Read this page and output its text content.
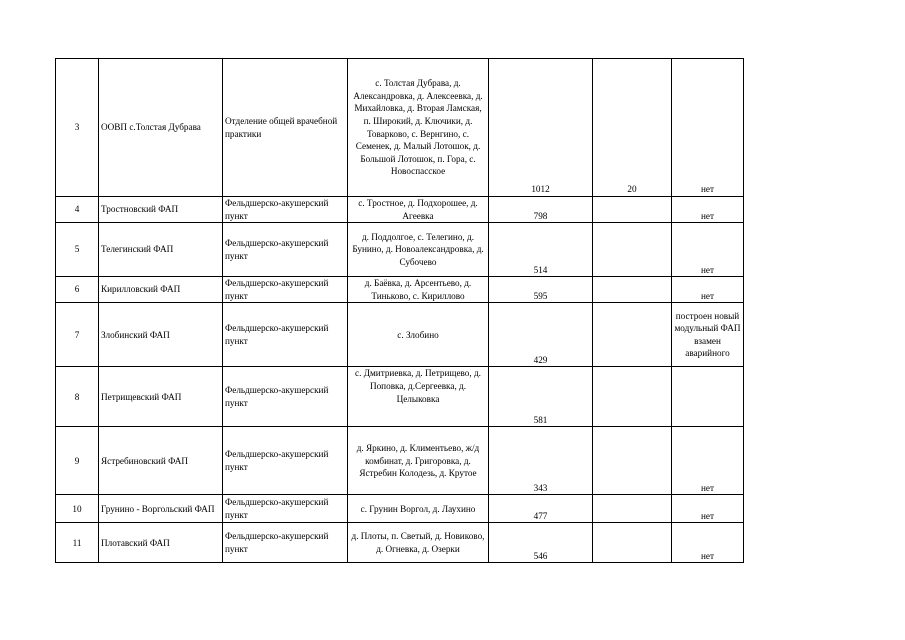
3	ООВП с.Толстая Дубрава	Отделение общей врачебной практики	с. Толстая Дубрава, д. Александровка, д. Алексеевка, д. Михайловка, д. Вторая Ламская, п. Широкий, д. Ключики, д. Товарково, с. Вернгино, с. Семенек, д. Малый Лотошок, д. Большой Лотошок, п. Гора, с. Новоспасское	1012	20	нет
4	Тростновский ФАП	Фельдшерско-акушерский пункт	с. Тростное, д. Подхорошее, д. Агеевка	798		нет
5	Телегинский ФАП	Фельдшерско-акушерский пункт	д. Поддолгое, с. Телегино, д. Бунино, д. Новоалександровка, д. Субочево	514		нет
6	Кирилловский ФАП	Фельдшерско-акушерский пункт	д. Баёвка, д. Арсентьево, д. Тиньково, с. Кириллово	595		нет
7	Злобинский ФАП	Фельдшерско-акушерский пункт	с. Злобино	429		построен новый модульный ФАП взамен аварийного
8	Петрищевский ФАП	Фельдшерско-акушерский пункт	с. Дмитриевка, д. Петрищево, д. Поповка, д.Сергеевка, д. Целыковка	581		
9	Ястребиновский ФАП	Фельдшерско-акушерский пункт	д. Яркино, д. Климентьево, ж/д комбинат, д. Григоровка, д. Ястребин Колодезь, д. Крутое	343		нет
10	Грунино - Воргольский ФАП	Фельдшерско-акушерский пункт	с. Грунин Воргол, д. Лаухино	477		нет
11	Плотавский ФАП	Фельдшерско-акушерский пункт	д. Плоты, п. Светый, д. Новиково, д. Огневка, д. Озерки	546		нет
